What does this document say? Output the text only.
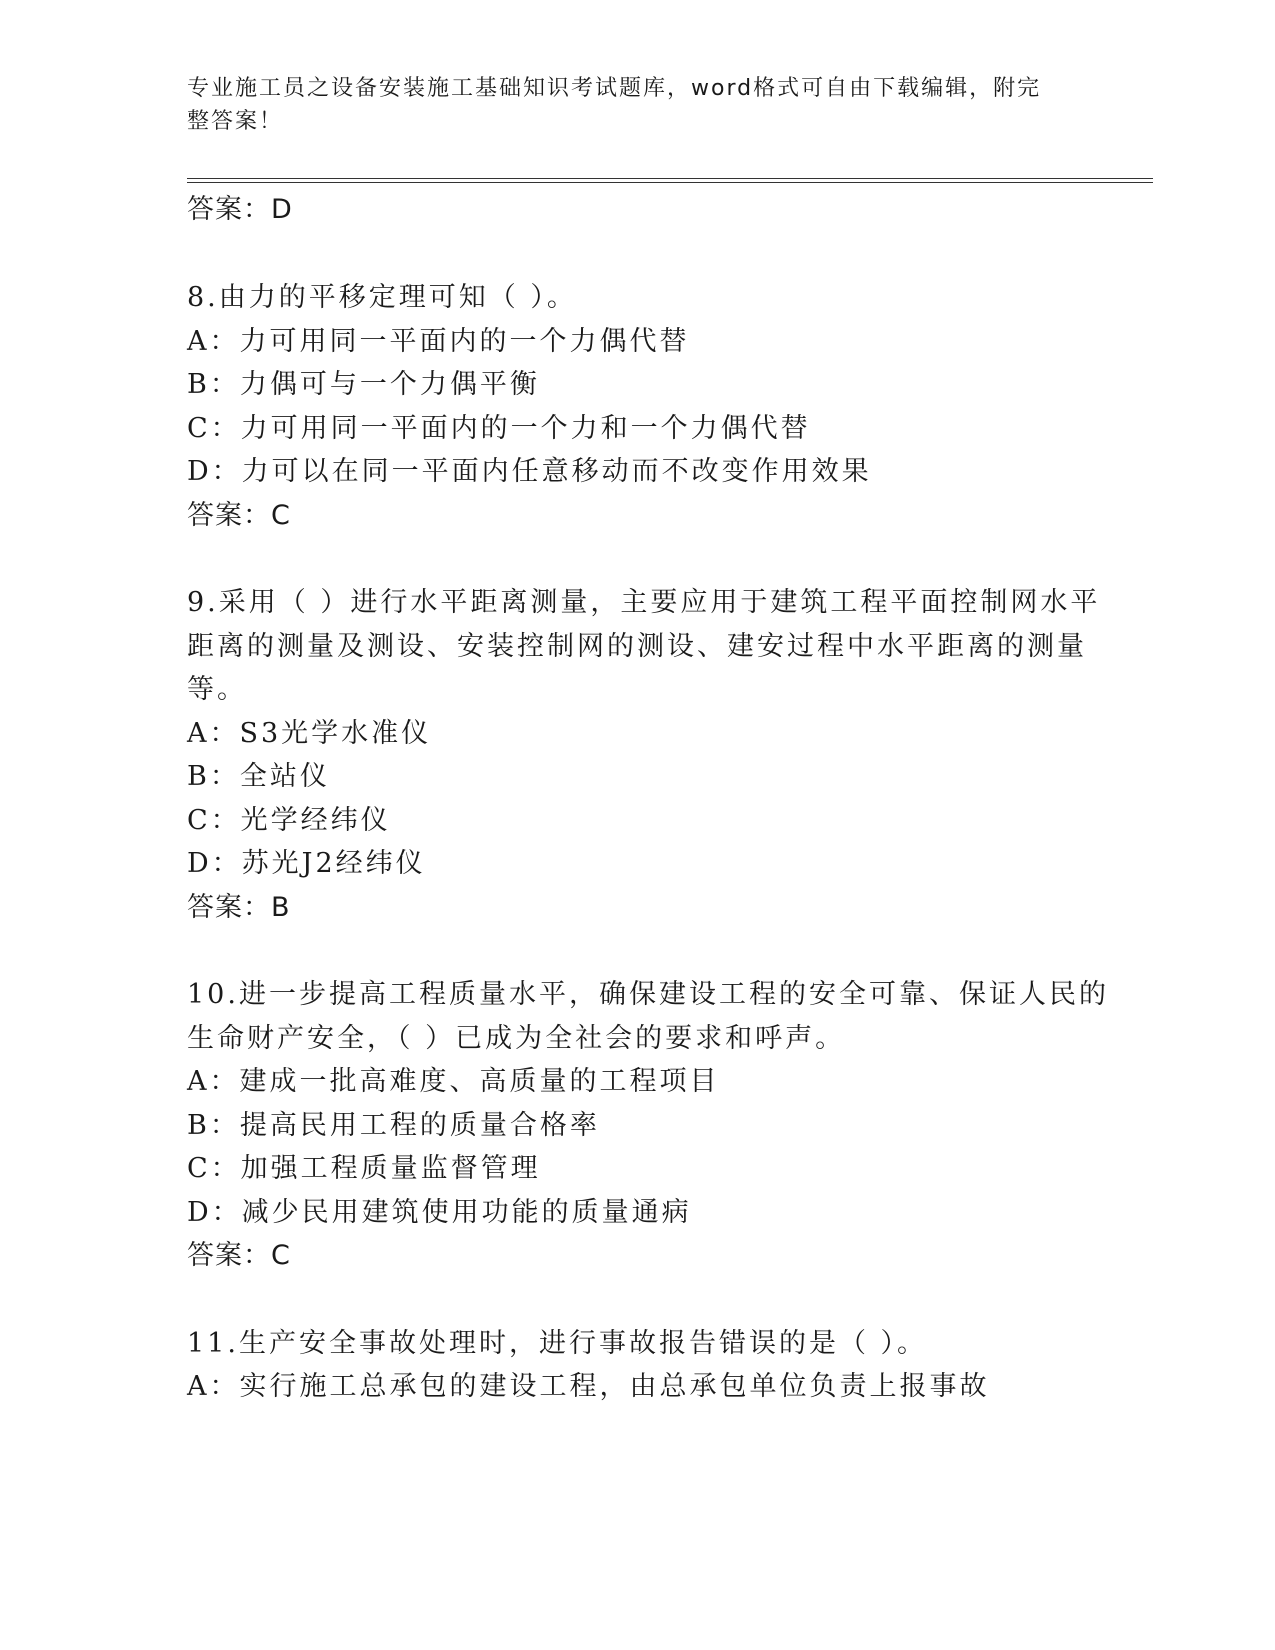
专业施工员之设备安装施工基础知识考试题库，word格式可自由下载编辑，附完
整答案！
答案：D
8.由力的平移定理可知（ ）。
A：力可用同一平面内的一个力偶代替
B：力偶可与一个力偶平衡
C：力可用同一平面内的一个力和一个力偶代替
D：力可以在同一平面内任意移动而不改变作用效果
答案：C
9.采用（ ）进行水平距离测量，主要应用于建筑工程平面控制网水平
距离的测量及测设、安装控制网的测设、建安过程中水平距离的测量
等。
A：S3光学水准仪
B：全站仪
C：光学经纬仪
D：苏光J2经纬仪
答案：B
10.进一步提高工程质量水平，确保建设工程的安全可靠、保证人民的
生命财产安全，（ ）已成为全社会的要求和呼声。
A：建成一批高难度、高质量的工程项目
B：提高民用工程的质量合格率
C：加强工程质量监督管理
D：减少民用建筑使用功能的质量通病
答案：C
11.生产安全事故处理时，进行事故报告错误的是（ ）。
A：实行施工总承包的建设工程，由总承包单位负责上报事故
